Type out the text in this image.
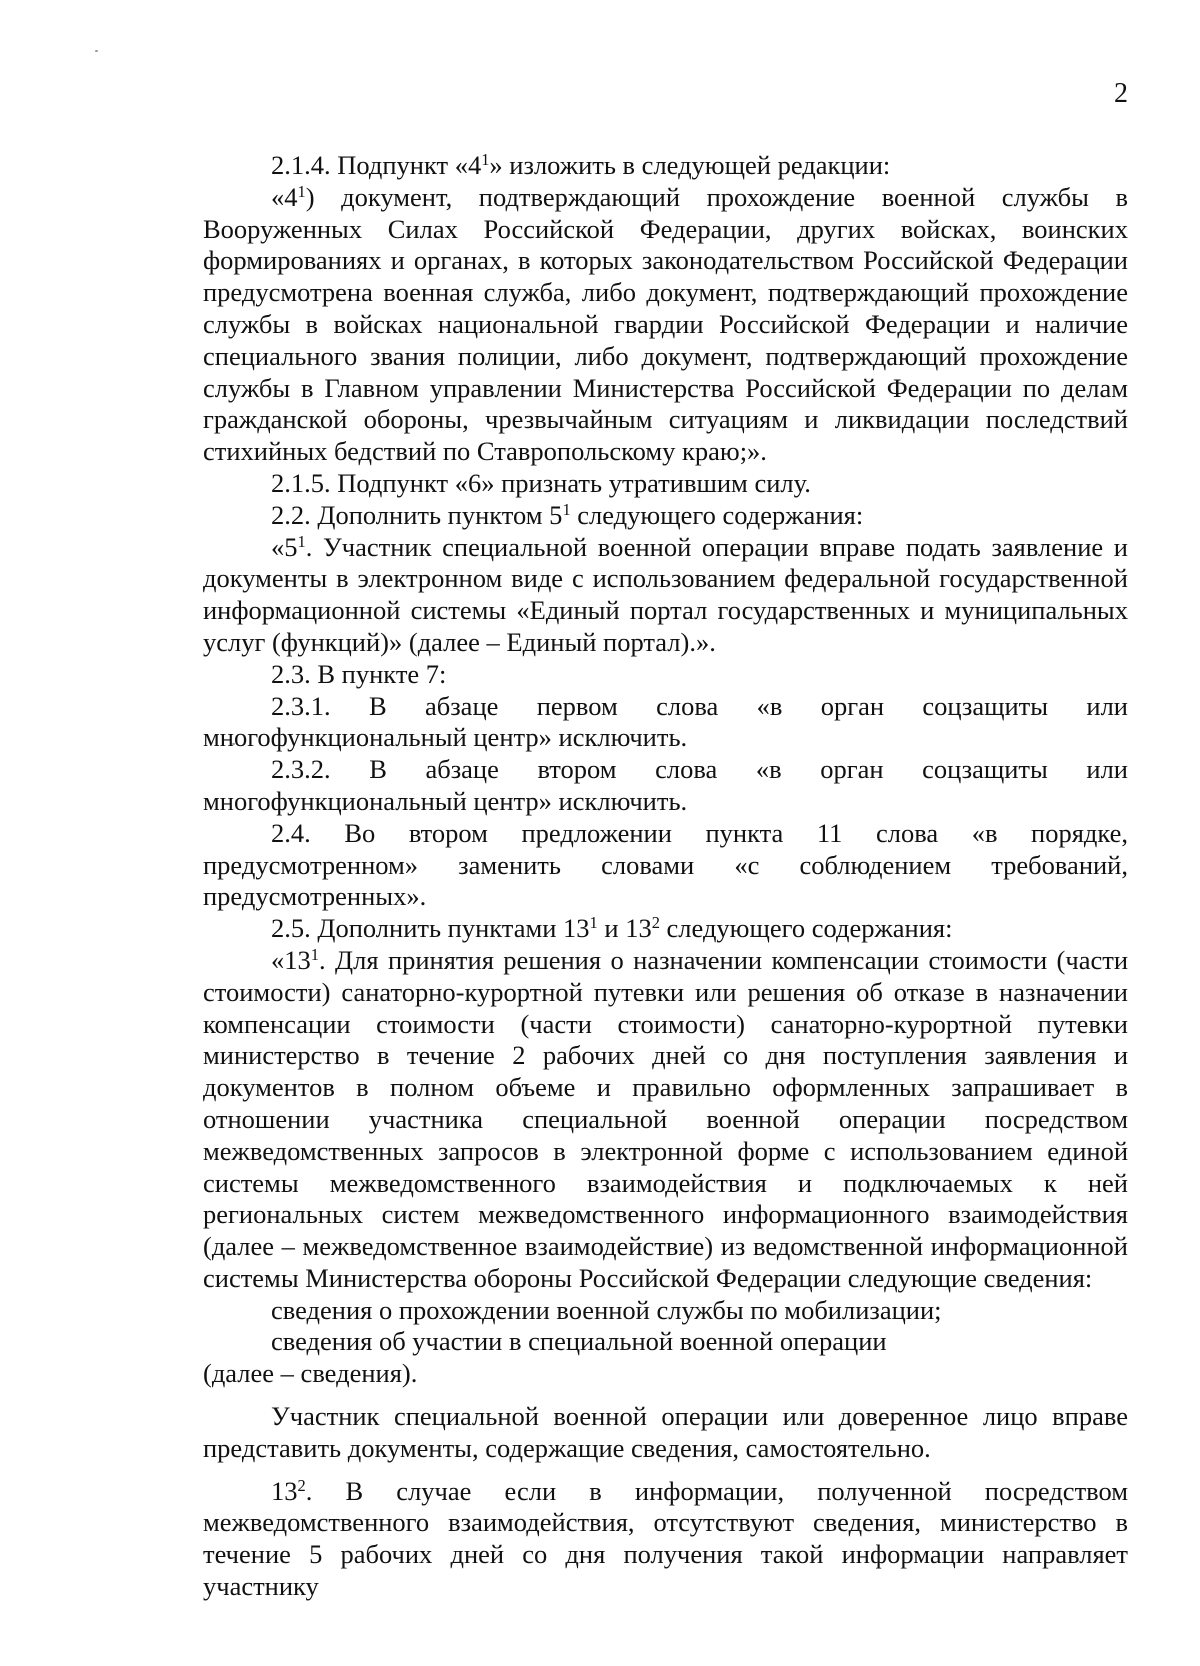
2

2.1.4. Подпункт «$4^1$» изложить в следующей редакции:

«$4^1$) документ, подтверждающий прохождение военной службы в Вооруженных Силах Российской Федерации, других войсках, воинских формированиях и органах, в которых законодательством Российской Федерации предусмотрена военная служба, либо документ, подтверждающий прохождение службы в войсках национальной гвардии Российской Федерации и наличие специального звания полиции, либо документ, подтверждающий прохождение службы в Главном управлении Министерства Российской Федерации по делам гражданской обороны, чрезвычайным ситуациям и ликвидации последствий стихийных бедствий по Ставропольскому краю;».

2.1.5. Подпункт «6» признать утратившим силу.

2.2. Дополнить пунктом $5^1$ следующего содержания:

«$5^1$. Участник специальной военной операции вправе подать заявление и документы в электронном виде с использованием федеральной государственной информационной системы «Единый портал государственных и муниципальных услуг (функций)» (далее – Единый портал).».

2.3. В пункте 7:

2.3.1. В абзаце первом слова «в орган соцзащиты или многофункциональный центр» исключить.

2.3.2. В абзаце втором слова «в орган соцзащиты или многофункциональный центр» исключить.

2.4. Во втором предложении пункта 11 слова «в порядке, предусмотренном» заменить словами «с соблюдением требований, предусмотренных».

2.5. Дополнить пунктами $13^1$ и $13^2$ следующего содержания:

«$13^1$. Для принятия решения о назначении компенсации стоимости (части стоимости) санаторно-курортной путевки или решения об отказе в назначении компенсации стоимости (части стоимости) санаторно-курортной путевки министерство в течение 2 рабочих дней со дня поступления заявления и документов в полном объеме и правильно оформленных запрашивает в отношении участника специальной военной операции посредством межведомственных запросов в электронной форме с использованием единой системы межведомственного взаимодействия и подключаемых к ней региональных систем межведомственного информационного взаимодействия (далее – межведомственное взаимодействие) из ведомственной информационной системы Министерства обороны Российской Федерации следующие сведения:

сведения о прохождении военной службы по мобилизации;

сведения об участии в специальной военной операции

(далее – сведения).

Участник специальной военной операции или доверенное лицо вправе представить документы, содержащие сведения, самостоятельно.

$13^2$. В случае если в информации, полученной посредством межведомственного взаимодействия, отсутствуют сведения, министерство в течение 5 рабочих дней со дня получения такой информации направляет участнику
